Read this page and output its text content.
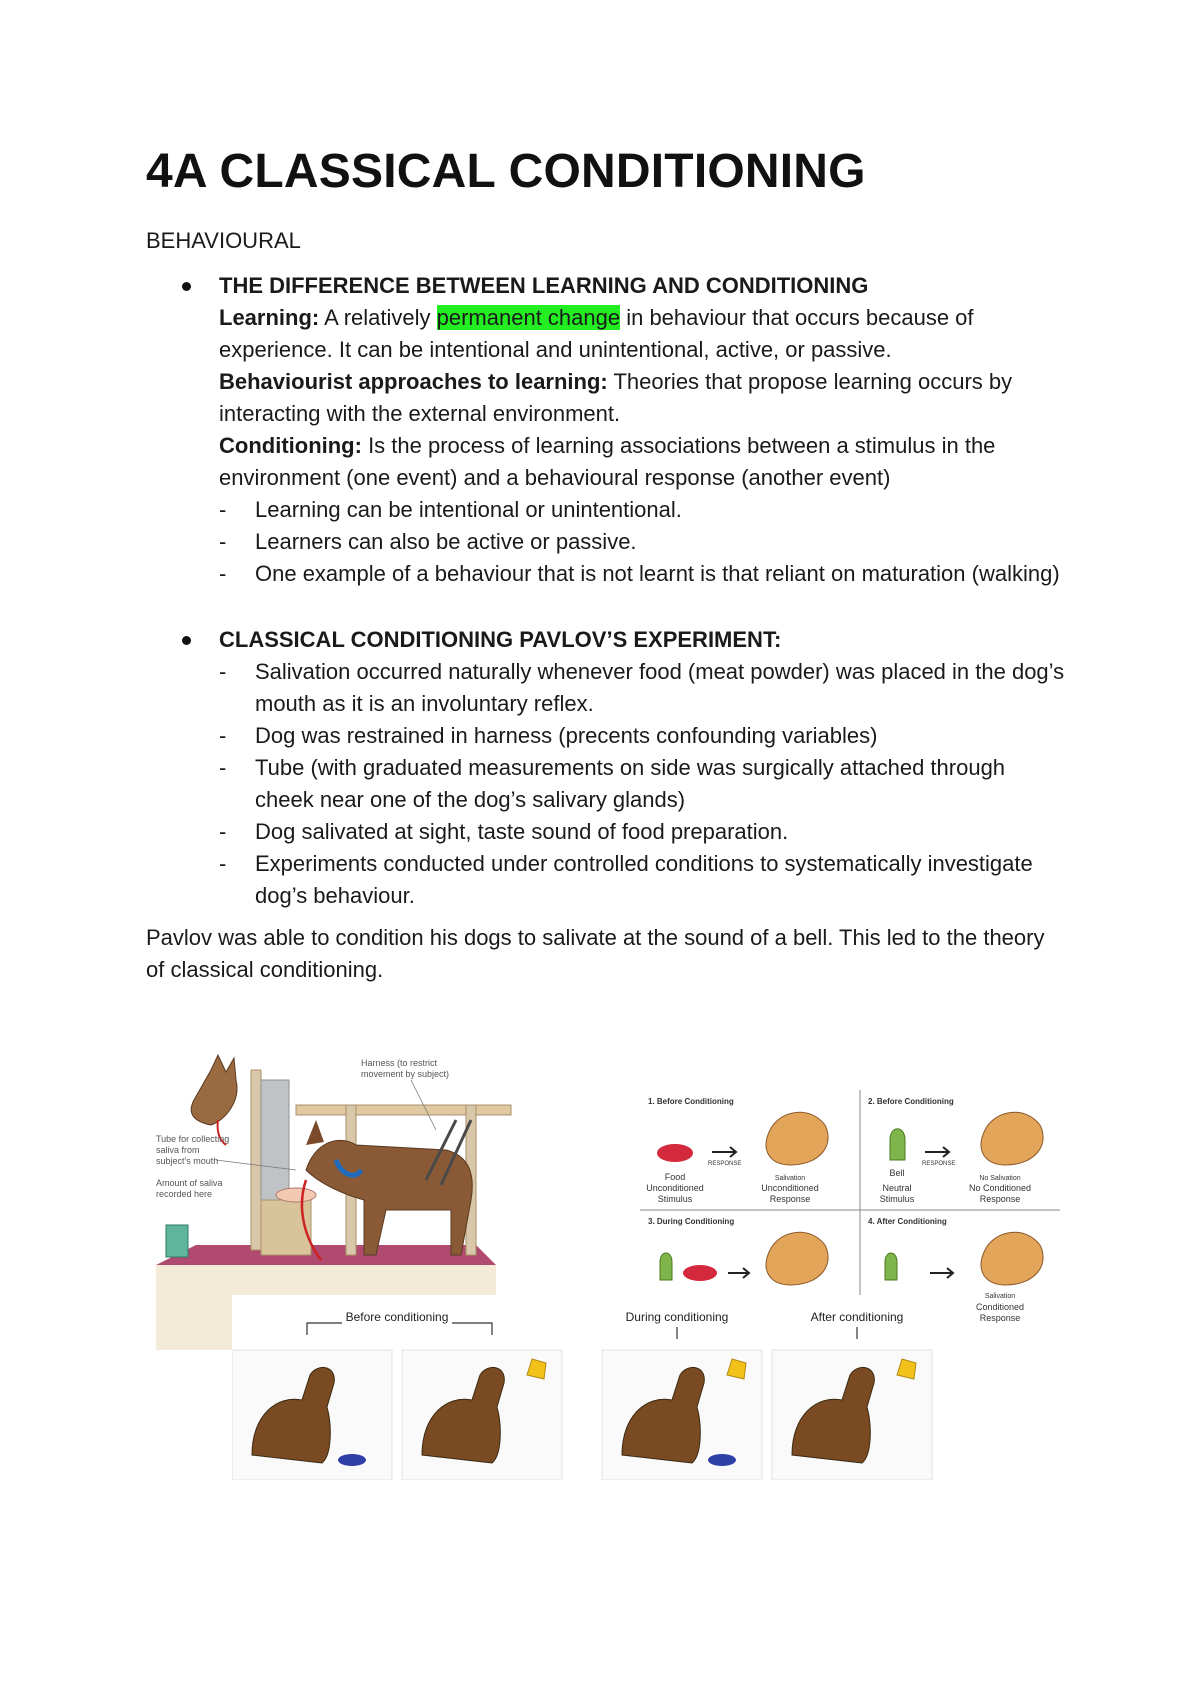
4A CLASSICAL CONDITIONING
BEHAVIOURAL
THE DIFFERENCE BETWEEN LEARNING AND CONDITIONING
Learning: A relatively permanent change in behaviour that occurs because of experience. It can be intentional and unintentional, active, or passive.
Behaviourist approaches to learning: Theories that propose learning occurs by interacting with the external environment.
Conditioning: Is the process of learning associations between a stimulus in the environment (one event) and a behavioural response (another event)
- Learning can be intentional or unintentional.
- Learners can also be active or passive.
- One example of a behaviour that is not learnt is that reliant on maturation (walking)
CLASSICAL CONDITIONING PAVLOV’S EXPERIMENT:
- Salivation occurred naturally whenever food (meat powder) was placed in the dog’s mouth as it is an involuntary reflex.
- Dog was restrained in harness (precents confounding variables)
- Tube (with graduated measurements on side was surgically attached through cheek near one of the dog’s salivary glands)
- Dog salivated at sight, taste sound of food preparation.
- Experiments conducted under controlled conditions to systematically investigate dog’s behaviour.
Pavlov was able to condition his dogs to salivate at the sound of a bell. This led to the theory of classical conditioning.
Harness (to restrict
movement by subject)
Tube for collecting
saliva from
subject's mouth
Amount of saliva
recorded here
1. Before Conditioning	2. Before Conditioning
3. During Conditioning	4. After Conditioning
RESPONSE
Food
Unconditioned
Stimulus
Salivation
Unconditioned
Response
RESPONSE
Bell
Neutral
Stimulus
No Salivation
No Conditioned
Response
Salivation
Conditioned
Response
Before conditioning	During conditioning	After conditioning
